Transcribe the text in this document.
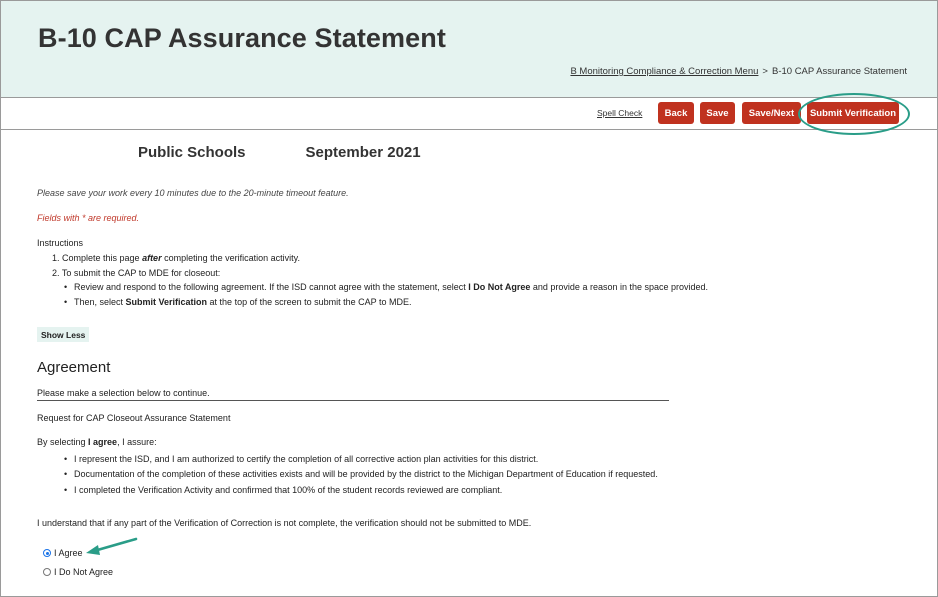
B-10 CAP Assurance Statement
B Monitoring Compliance & Correction Menu > B-10 CAP Assurance Statement
Spell Check	Back	Save	Save/Next	Submit Verification
Public Schools	September 2021
Please save your work every 10 minutes due to the 20-minute timeout feature.
Fields with * are required.
Instructions
1. Complete this page after completing the verification activity.
2. To submit the CAP to MDE for closeout:
• Review and respond to the following agreement. If the ISD cannot agree with the statement, select I Do Not Agree and provide a reason in the space provided.
• Then, select Submit Verification at the top of the screen to submit the CAP to MDE.
Show Less
Agreement
Please make a selection below to continue.
Request for CAP Closeout Assurance Statement
By selecting I agree, I assure:
• I represent the ISD, and I am authorized to certify the completion of all corrective action plan activities for this district.
• Documentation of the completion of these activities exists and will be provided by the district to the Michigan Department of Education if requested.
• I completed the Verification Activity and confirmed that 100% of the student records reviewed are compliant.
I understand that if any part of the Verification of Correction is not complete, the verification should not be submitted to MDE.
I Agree
I Do Not Agree
